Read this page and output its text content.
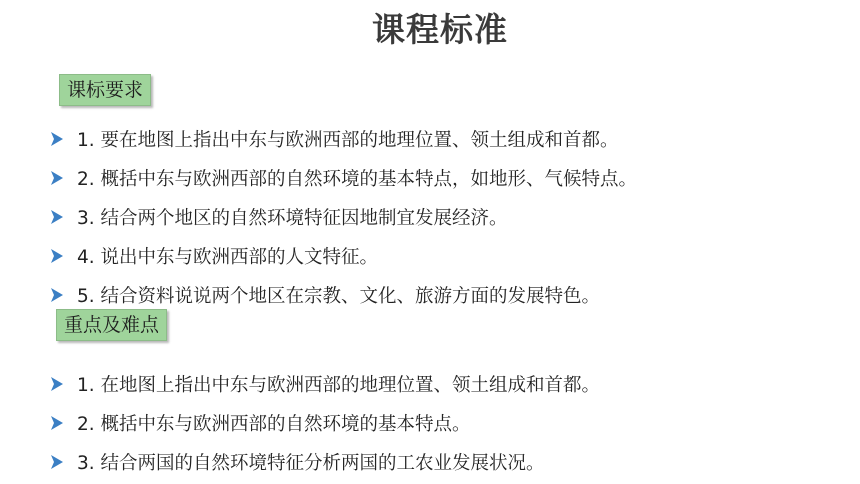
课程标准
课标要求
1. 要在地图上指出中东与欧洲西部的地理位置、领土组成和首都。
2. 概括中东与欧洲西部的自然环境的基本特点，如地形、气候特点。
3. 结合两个地区的自然环境特征因地制宜发展经济。
4. 说出中东与欧洲西部的人文特征。
5. 结合资料说说两个地区在宗教、文化、旅游方面的发展特色。
重点及难点
1. 在地图上指出中东与欧洲西部的地理位置、领土组成和首都。
2. 概括中东与欧洲西部的自然环境的基本特点。
3. 结合两国的自然环境特征分析两国的工农业发展状况。
